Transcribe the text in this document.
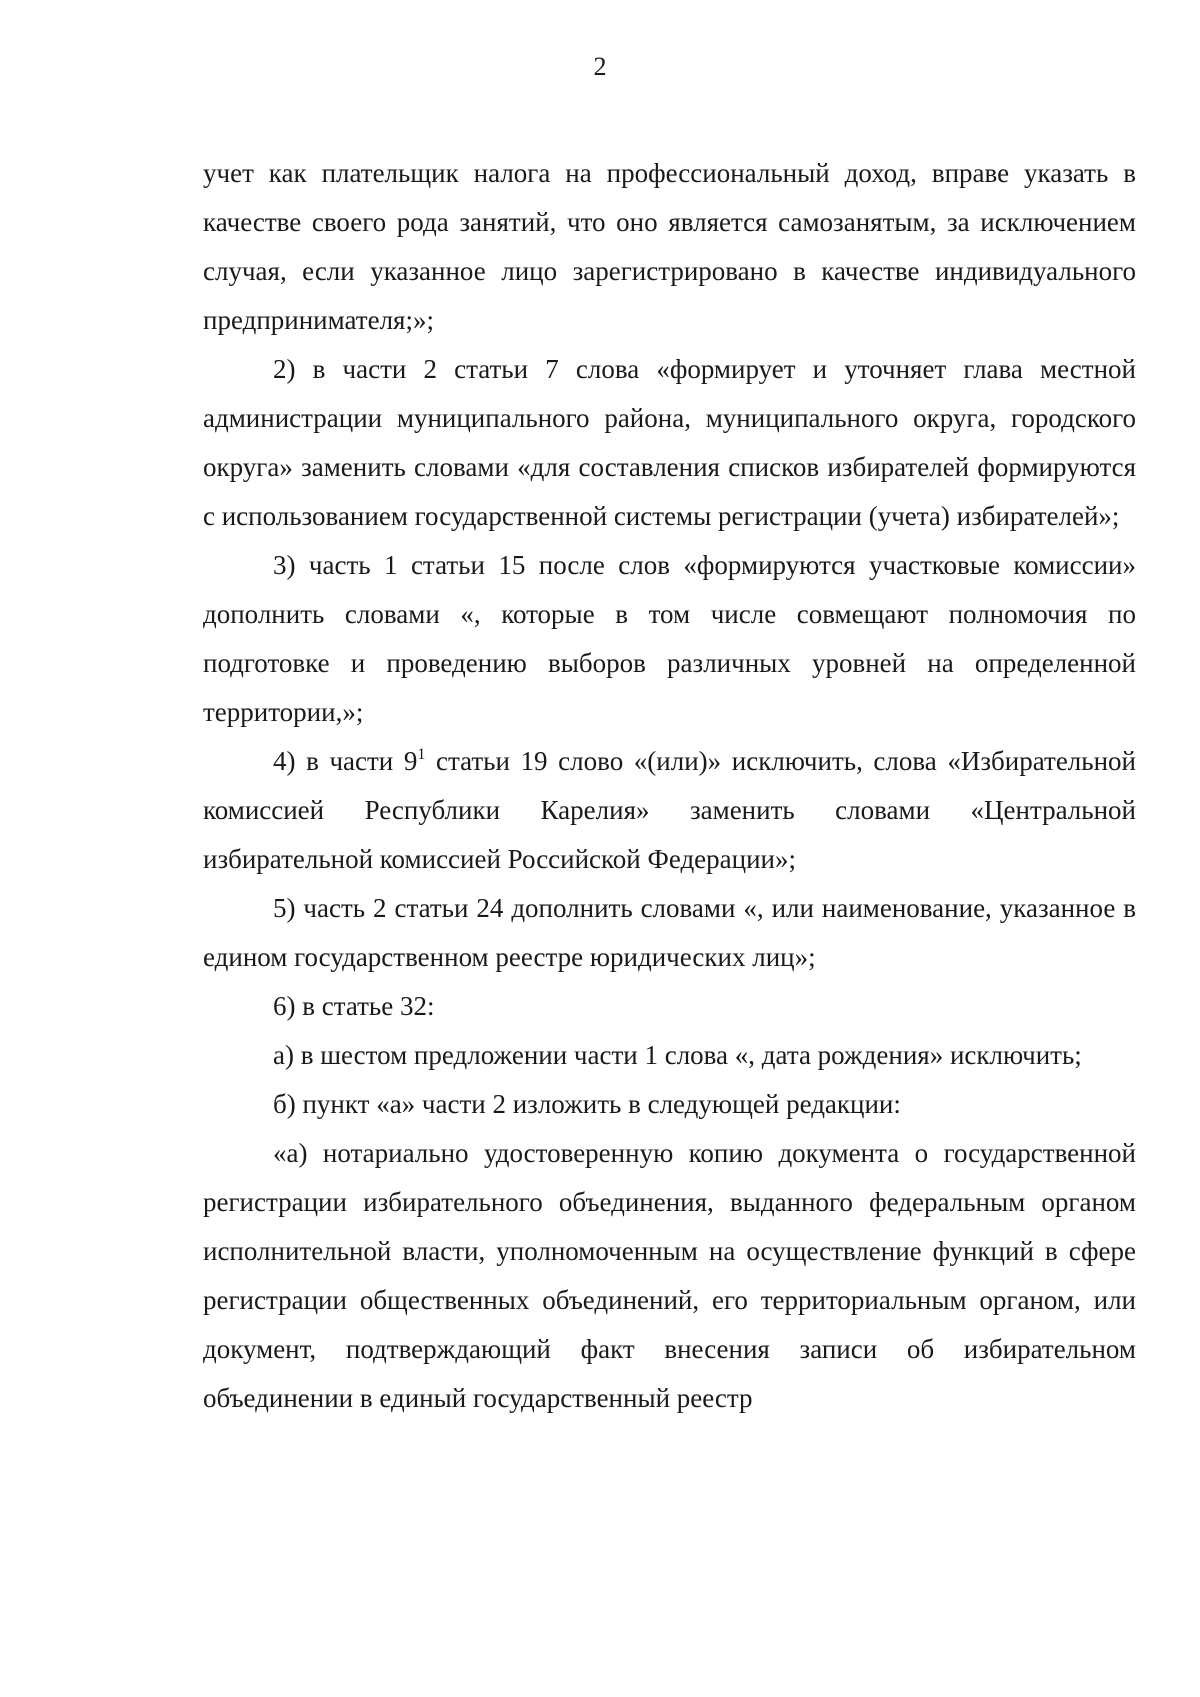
2

учет как плательщик налога на профессиональный доход, вправе указать в качестве своего рода занятий, что оно является самозанятым, за исключением случая, если указанное лицо зарегистрировано в качестве индивидуального предпринимателя;»;

2) в части 2 статьи 7 слова «формирует и уточняет глава местной администрации муниципального района, муниципального округа, городского округа» заменить словами «для составления списков избирателей формируются с использованием государственной системы регистрации (учета) избирателей»;

3) часть 1 статьи 15 после слов «формируются участковые комиссии» дополнить словами «, которые в том числе совмещают полномочия по подготовке и проведению выборов различных уровней на определенной территории,»;

4) в части $9^1$ статьи 19 слово «(или)» исключить, слова «Избирательной комиссией Республики Карелия» заменить словами «Центральной избирательной комиссией Российской Федерации»;

5) часть 2 статьи 24 дополнить словами «, или наименование, указанное в едином государственном реестре юридических лиц»;

6) в статье 32:

а) в шестом предложении части 1 слова «, дата рождения» исключить;

б) пункт «а» части 2 изложить в следующей редакции:

«а) нотариально удостоверенную копию документа о государственной регистрации избирательного объединения, выданного федеральным органом исполнительной власти, уполномоченным на осуществление функций в сфере регистрации общественных объединений, его территориальным органом, или документ, подтверждающий факт внесения записи об избирательном объединении в единый государственный реестр
